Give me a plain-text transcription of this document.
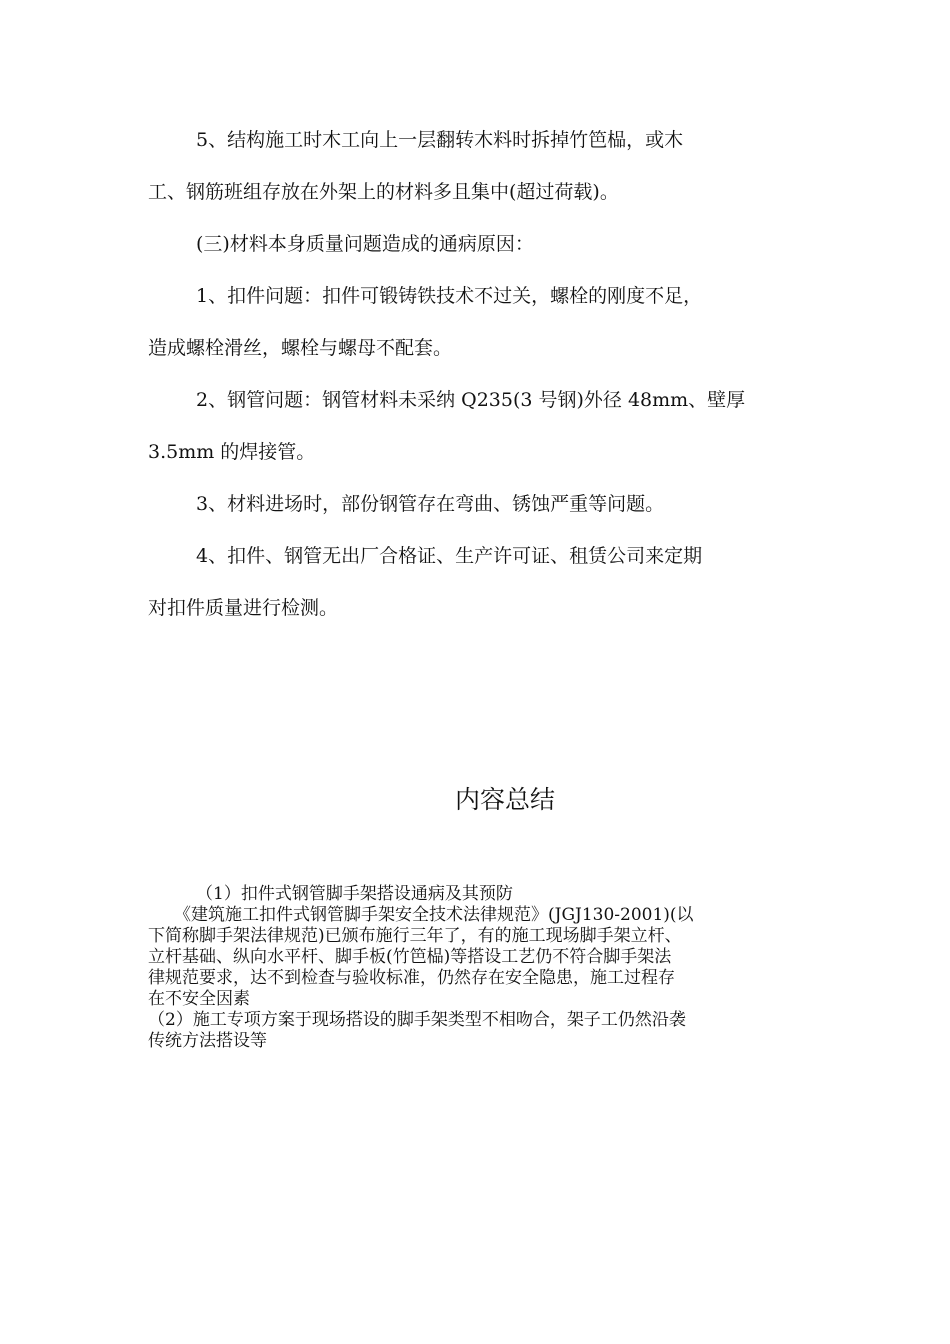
5、结构施工时木工向上一层翻转木料时拆掉竹笆榀，或木

工、钢筋班组存放在外架上的材料多且集中(超过荷载)。

(三)材料本身质量问题造成的通病原因：

1、扣件问题：扣件可锻铸铁技术不过关，螺栓的刚度不足，

造成螺栓滑丝，螺栓与螺母不配套。

2、钢管问题：钢管材料未采纳 Q235(3 号钢)外径 48mm、壁厚

3.5mm 的焊接管。

3、材料进场时，部份钢管存在弯曲、锈蚀严重等问题。

4、扣件、钢管无出厂合格证、生产许可证、租赁公司来定期

对扣件质量进行检测。

内容总结

（1）扣件式钢管脚手架搭设通病及其预防

《建筑施工扣件式钢管脚手架安全技术法律规范》(JGJ130-2001)(以

下简称脚手架法律规范)已颁布施行三年了，有的施工现场脚手架立杆、

立杆基础、纵向水平杆、脚手板(竹笆榀)等搭设工艺仍不符合脚手架法

律规范要求，达不到检查与验收标准，仍然存在安全隐患，施工过程存

在不安全因素

（2）施工专项方案于现场搭设的脚手架类型不相吻合，架子工仍然沿袭

传统方法搭设等
